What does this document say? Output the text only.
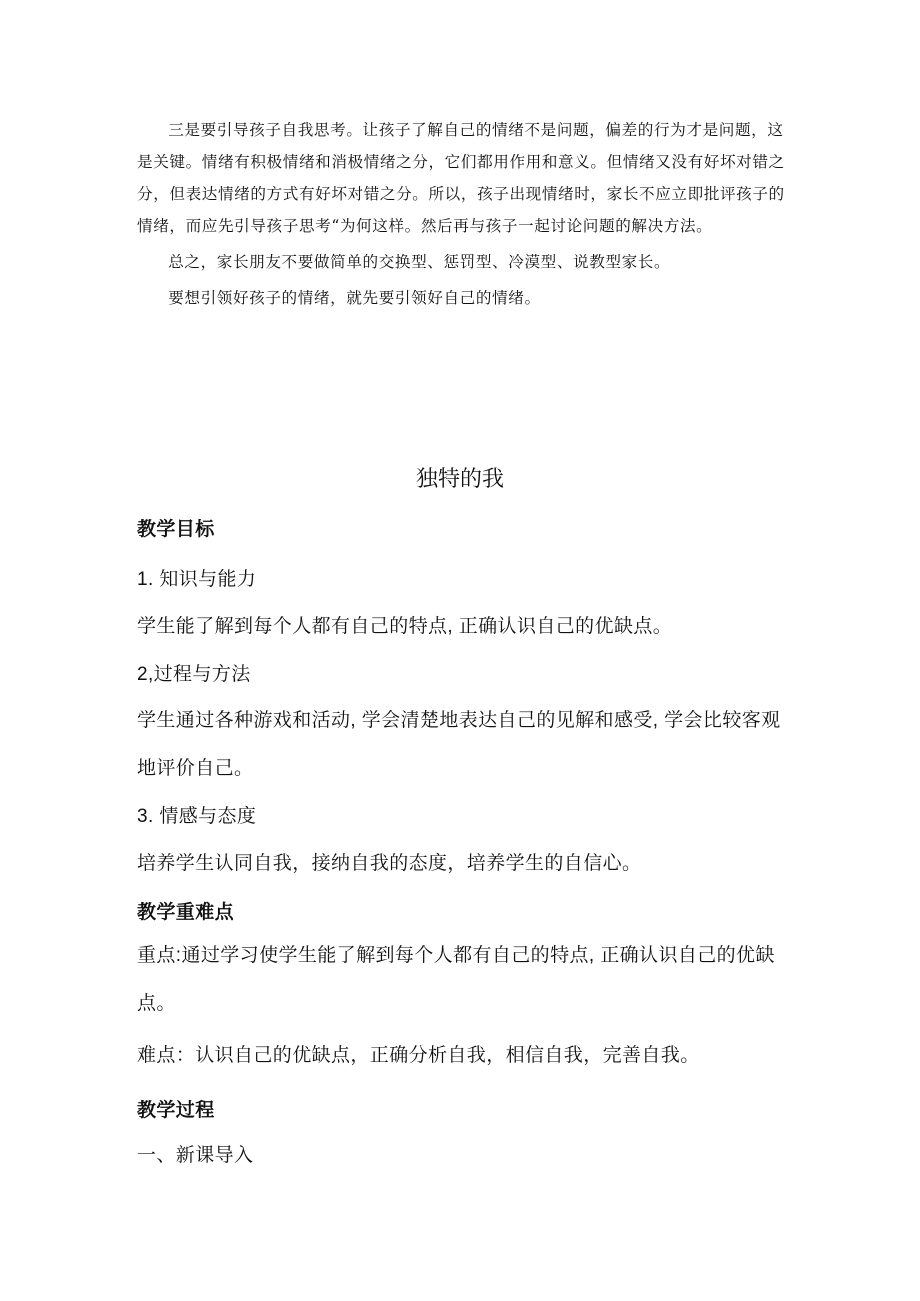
三是要引导孩子自我思考。让孩子了解自己的情绪不是问题，偏差的行为才是问题，这是关键。情绪有积极情绪和消极情绪之分，它们都用作用和意义。但情绪又没有好坏对错之分，但表达情绪的方式有好坏对错之分。所以，孩子出现情绪时，家长不应立即批评孩子的情绪，而应先引导孩子思考“为何这样。然后再与孩子一起讨论问题的解决方法。

总之，家长朋友不要做简单的交换型、惩罚型、冷漠型、说教型家长。

要想引领好孩子的情绪，就先要引领好自己的情绪。

独特的我
教学目标
1. 知识与能力
学生能了解到每个人都有自己的特点, 正确认识自己的优缺点。
2,过程与方法
学生通过各种游戏和活动, 学会清楚地表达自己的见解和感受, 学会比较客观地评价自己。
3. 情感与态度
培养学生认同自我，接纳自我的态度，培养学生的自信心。
教学重难点
重点:通过学习使学生能了解到每个人都有自己的特点, 正确认识自己的优缺点。
难点：认识自己的优缺点，正确分析自我，相信自我，完善自我。
教学过程
一、新课导入
